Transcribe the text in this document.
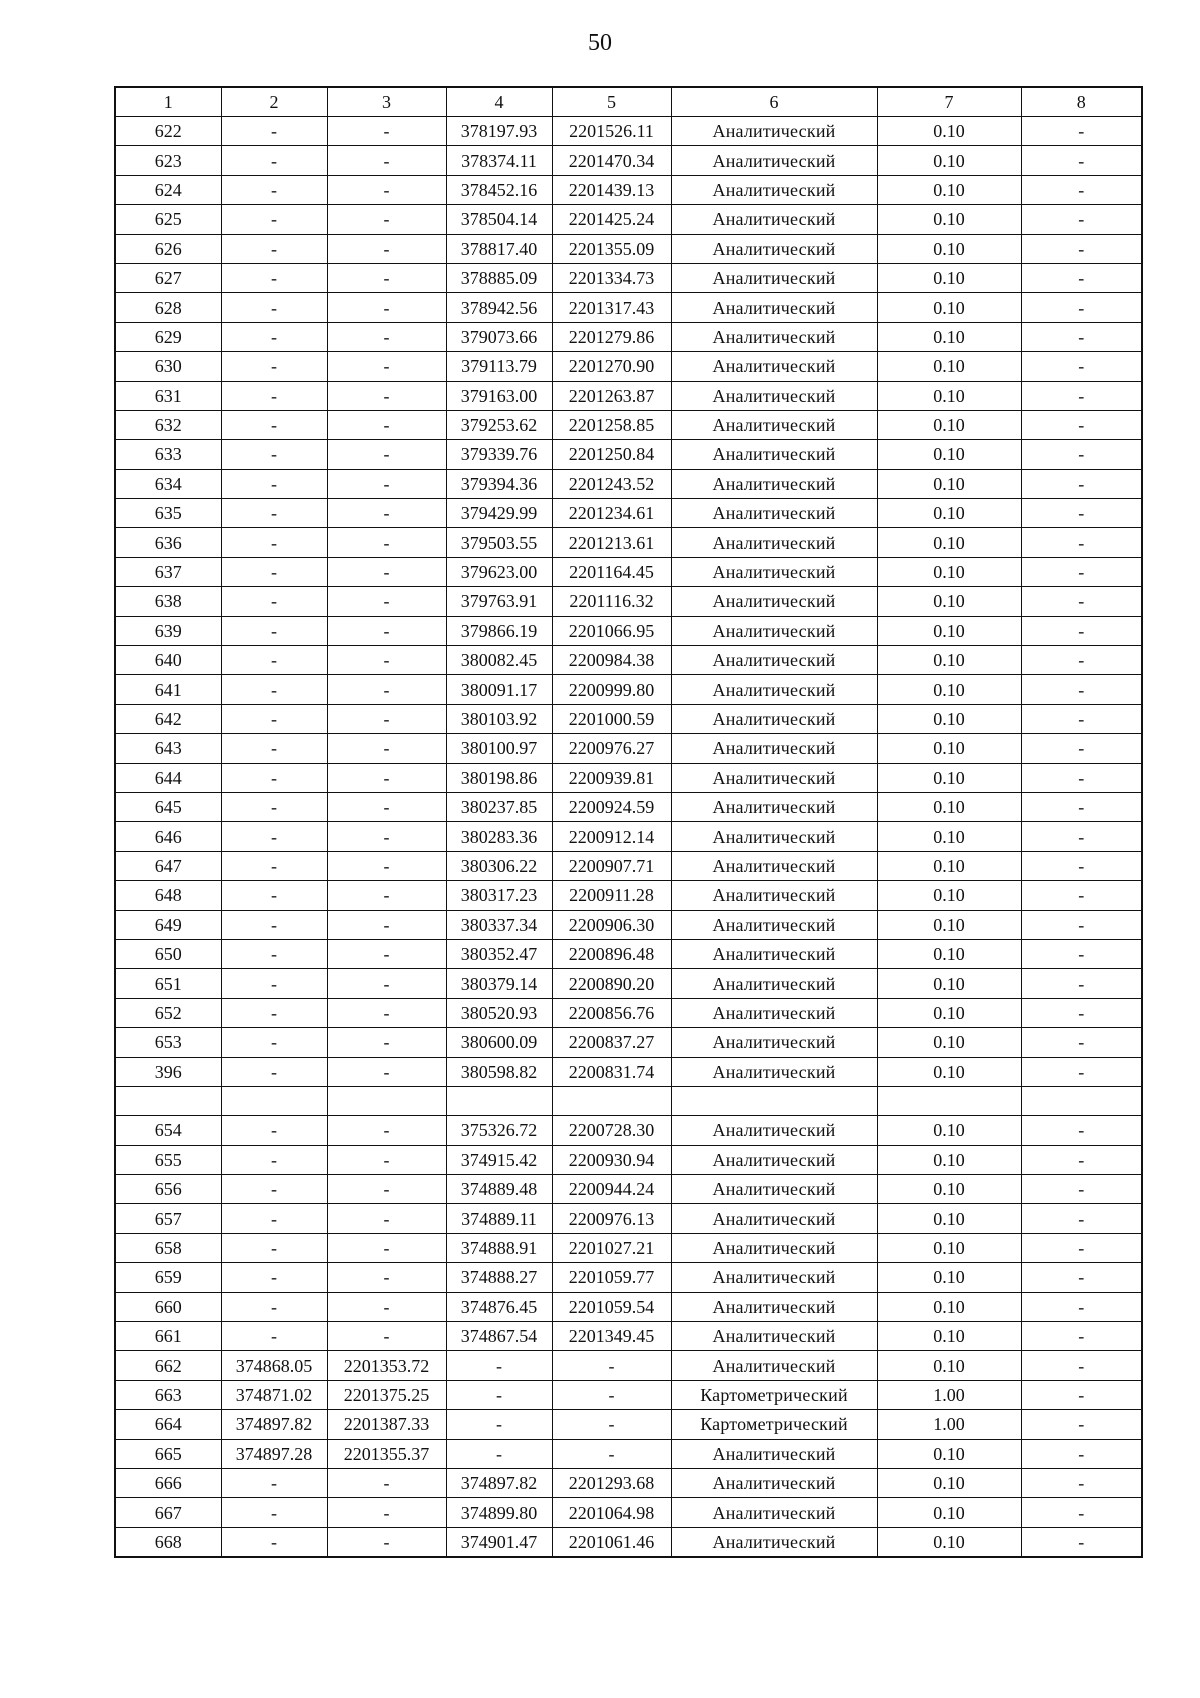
50
1	2	3	4	5	6	7	8
622	-	-	378197.93	2201526.11	Аналитический	0.10	-
623	-	-	378374.11	2201470.34	Аналитический	0.10	-
624	-	-	378452.16	2201439.13	Аналитический	0.10	-
625	-	-	378504.14	2201425.24	Аналитический	0.10	-
626	-	-	378817.40	2201355.09	Аналитический	0.10	-
627	-	-	378885.09	2201334.73	Аналитический	0.10	-
628	-	-	378942.56	2201317.43	Аналитический	0.10	-
629	-	-	379073.66	2201279.86	Аналитический	0.10	-
630	-	-	379113.79	2201270.90	Аналитический	0.10	-
631	-	-	379163.00	2201263.87	Аналитический	0.10	-
632	-	-	379253.62	2201258.85	Аналитический	0.10	-
633	-	-	379339.76	2201250.84	Аналитический	0.10	-
634	-	-	379394.36	2201243.52	Аналитический	0.10	-
635	-	-	379429.99	2201234.61	Аналитический	0.10	-
636	-	-	379503.55	2201213.61	Аналитический	0.10	-
637	-	-	379623.00	2201164.45	Аналитический	0.10	-
638	-	-	379763.91	2201116.32	Аналитический	0.10	-
639	-	-	379866.19	2201066.95	Аналитический	0.10	-
640	-	-	380082.45	2200984.38	Аналитический	0.10	-
641	-	-	380091.17	2200999.80	Аналитический	0.10	-
642	-	-	380103.92	2201000.59	Аналитический	0.10	-
643	-	-	380100.97	2200976.27	Аналитический	0.10	-
644	-	-	380198.86	2200939.81	Аналитический	0.10	-
645	-	-	380237.85	2200924.59	Аналитический	0.10	-
646	-	-	380283.36	2200912.14	Аналитический	0.10	-
647	-	-	380306.22	2200907.71	Аналитический	0.10	-
648	-	-	380317.23	2200911.28	Аналитический	0.10	-
649	-	-	380337.34	2200906.30	Аналитический	0.10	-
650	-	-	380352.47	2200896.48	Аналитический	0.10	-
651	-	-	380379.14	2200890.20	Аналитический	0.10	-
652	-	-	380520.93	2200856.76	Аналитический	0.10	-
653	-	-	380600.09	2200837.27	Аналитический	0.10	-
396	-	-	380598.82	2200831.74	Аналитический	0.10	-

654	-	-	375326.72	2200728.30	Аналитический	0.10	-
655	-	-	374915.42	2200930.94	Аналитический	0.10	-
656	-	-	374889.48	2200944.24	Аналитический	0.10	-
657	-	-	374889.11	2200976.13	Аналитический	0.10	-
658	-	-	374888.91	2201027.21	Аналитический	0.10	-
659	-	-	374888.27	2201059.77	Аналитический	0.10	-
660	-	-	374876.45	2201059.54	Аналитический	0.10	-
661	-	-	374867.54	2201349.45	Аналитический	0.10	-
662	374868.05	2201353.72	-	-	Аналитический	0.10	-
663	374871.02	2201375.25	-	-	Картометрический	1.00	-
664	374897.82	2201387.33	-	-	Картометрический	1.00	-
665	374897.28	2201355.37	-	-	Аналитический	0.10	-
666	-	-	374897.82	2201293.68	Аналитический	0.10	-
667	-	-	374899.80	2201064.98	Аналитический	0.10	-
668	-	-	374901.47	2201061.46	Аналитический	0.10	-
